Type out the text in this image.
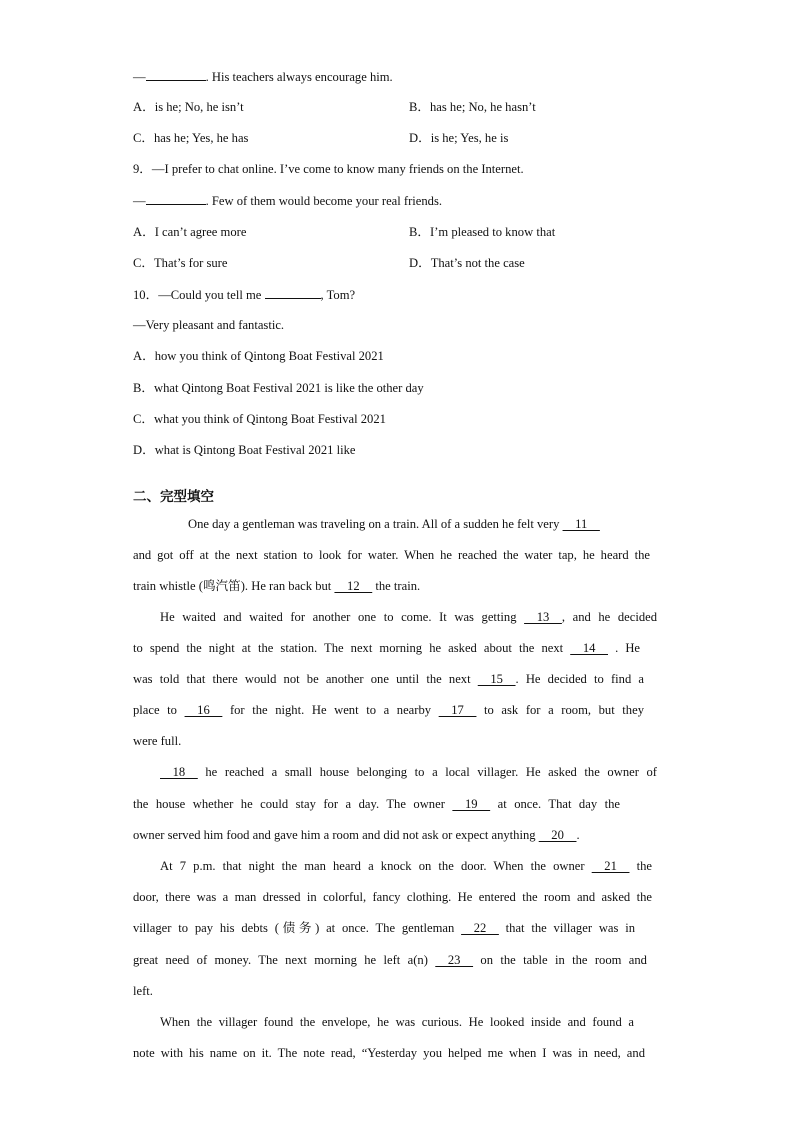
—	. His teachers always encourage him.
A．is he; No, he isn’t	B．has he; No, he hasn’t
C．has he; Yes, he has	D．is he; Yes, he is
9．—I prefer to chat online. I’ve come to know many friends on the Internet.
—	. Few of them would become your real friends.
A．I can’t agree more	B．I’m pleased to know that
C．That’s for sure	D．That’s not the case
10．—Could you tell me	, Tom?
—Very pleasant and fantastic.
A．how you think of Qintong Boat Festival 2021
B．what Qintong Boat Festival 2021 is like the other day
C．what you think of Qintong Boat Festival 2021
D．what is Qintong Boat Festival 2021 like
二、完型填空
One day a gentleman was traveling on a train. All of a sudden he felt very     11
and got off at the next station to look for water. When he reached the water tap, he heard the
train whistle (鸣汽笛). He ran back but     12     the train.
He waited and waited for another one to come. It was getting     13    , and he decided
to spend the night at the station. The next morning he asked about the next     14     . He
was told that there would not be another one until the next     15    . He decided to find a
place to     16     for the night. He went to a nearby     17     to ask for a room, but they
were full.
18     he reached a small house belonging to a local villager. He asked the owner of
the house whether he could stay for a day. The owner     19     at once. That day the
owner served him food and gave him a room and did not ask or expect anything     20    .
At 7 p.m. that night the man heard a knock on the door. When the owner     21     the
door, there was a man dressed in colorful, fancy clothing. He entered the room and asked the
villager to pay his debts (债务) at once. The gentleman     22     that the villager was in
great need of money. The next morning he left a(n)     23     on the table in the room and
left.
When the villager found the envelope, he was curious. He looked inside and found a
note with his name on it. The note read, “Yesterday you helped me when I was in need, and
